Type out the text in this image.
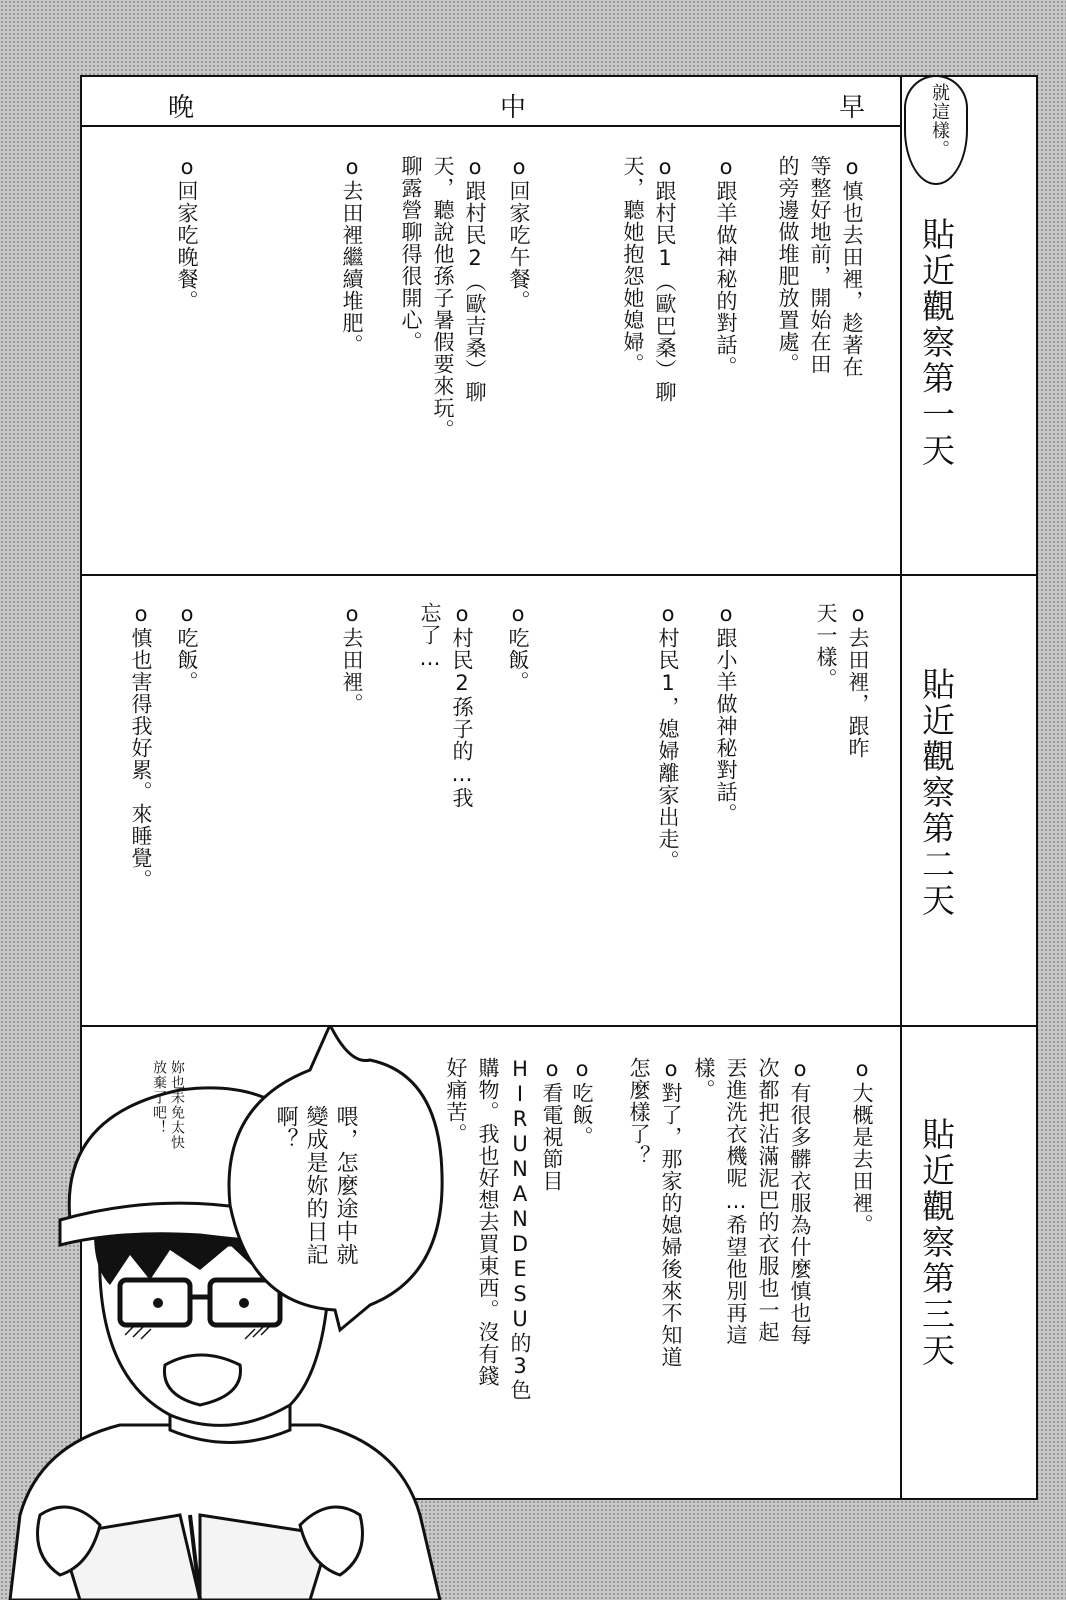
早
中
晚	就這樣。
貼近觀察第一天
o慎也去田裡，趁著在等整好地前，開始在田的旁邊做堆肥放置處。
o跟羊做神秘的對話。
o跟村民1（歐巴桑）聊天，聽她抱怨她媳婦。
o回家吃午餐。
o跟村民2（歐吉桑）聊天，聽說他孫子暑假要來玩。聊露營聊得很開心。
o去田裡繼續堆肥。
o回家吃晚餐。
貼近觀察第二天
o去田裡，跟昨天一樣。
o跟小羊做神秘對話。
o村民1，媳婦離家出走。
o吃飯。
o村民2孫子的…我忘了…
o去田裡。
o吃飯。
o慎也害得我好累。來睡覺。
貼近觀察第三天
o大概是去田裡。
o有很多髒衣服為什麼慎也每次都把沾滿泥巴的衣服也一起丟進洗衣機呢…希望他別再這樣。
o對了，那家的媳婦後來不知道怎麼樣了？
o吃飯。
o看電視節目HIRUNANDESU的3色購物。我也好想去買東西。沒有錢好痛苦。
喂，怎麼途中就變成是妳的日記啊？
妳也未免太快放棄了吧！
